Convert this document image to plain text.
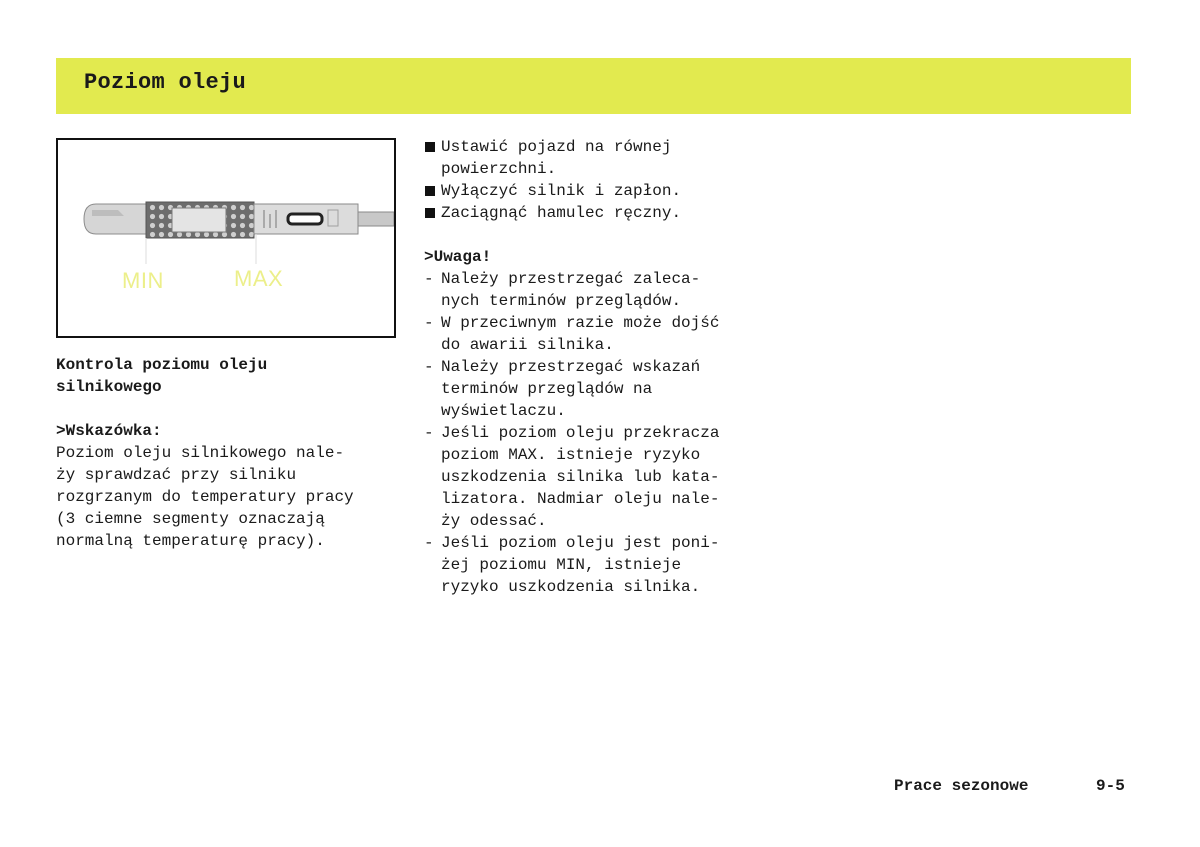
Poziom oleju
MIN	MAX
Kontrola poziomu oleju
silnikowego
>Wskazówka:
Poziom oleju silnikowego nale-
ży sprawdzać przy silniku
rozgrzanym do temperatury pracy
(3 ciemne segmenty oznaczają
normalną temperaturę pracy).
Ustawić pojazd na równej
powierzchni.
Wyłączyć silnik i zapłon.
Zaciągnąć hamulec ręczny.
>Uwaga!
- Należy przestrzegać zaleca-
nych terminów przeglądów.
- W przeciwnym razie może dojść
do awarii silnika.
- Należy przestrzegać wskazań
terminów przeglądów na
wyświetlaczu.
- Jeśli poziom oleju przekracza
poziom MAX. istnieje ryzyko
uszkodzenia silnika lub kata-
lizatora. Nadmiar oleju nale-
ży odessać.
- Jeśli poziom oleju jest poni-
żej poziomu MIN, istnieje
ryzyko uszkodzenia silnika.
Prace sezonowe	9-5
